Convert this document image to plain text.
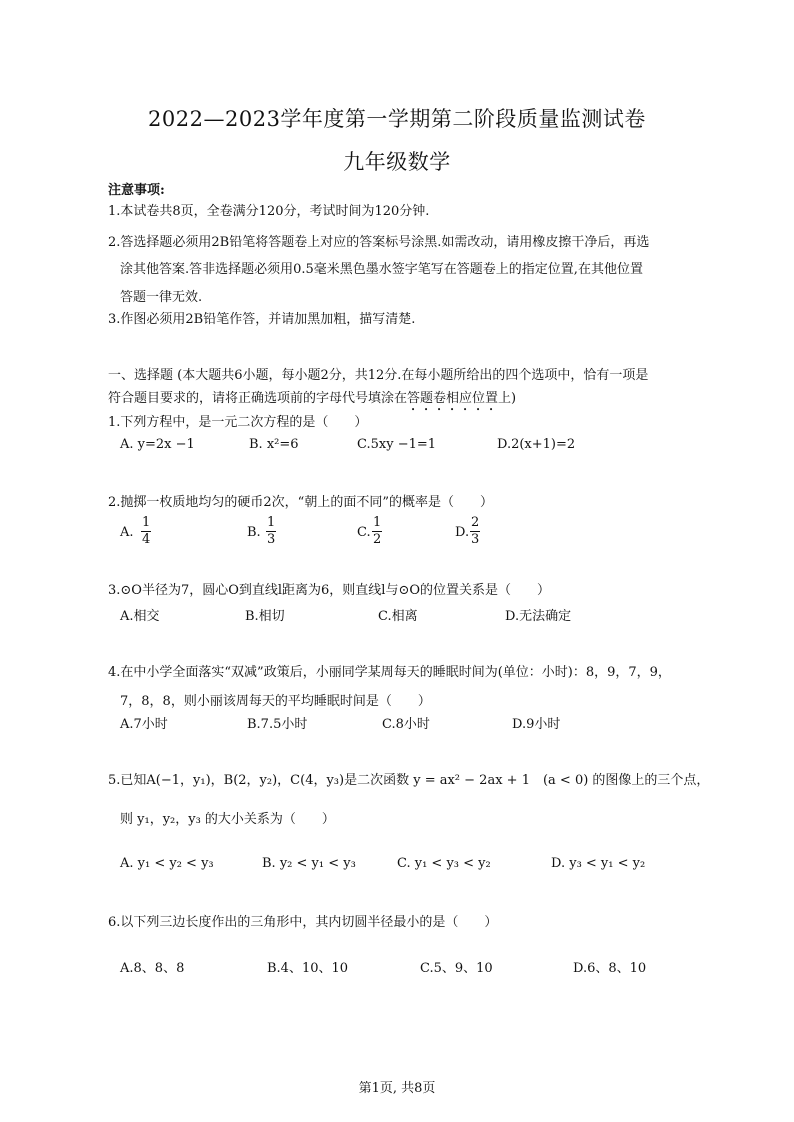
2022—2023学年度第一学期第二阶段质量监测试卷
九年级数学
注意事项:
1.本试卷共8页，全卷满分120分，考试时间为120分钟.
2.答选择题必须用2B铅笔将答题卷上对应的答案标号涂黑.如需改动，请用橡皮擦干净后，再选
涂其他答案.答非选择题必须用0.5毫米黑色墨水签字笔写在答题卷上的指定位置,在其他位置
答题一律无效.
3.作图必须用2B铅笔作答，并请加黑加粗，描写清楚.
一、选择题 (本大题共6小题，每小题2分，共12分.在每小题所给出的四个选项中，恰有一项是
符合题目要求的，请将正确选项前的字母代号填涂在答题卷相应位置上)
1.下列方程中，是一元二次方程的是（　　）
A. y=2x −1	B. x²=6	C.5xy −1=1	D.2(x+1)=2
2.抛掷一枚质地均匀的硬币2次，“朝上的面不同”的概率是（　　）
A. $\frac{1}{4}$	B. $\frac{1}{3}$	C. $\frac{1}{2}$	D. $\frac{2}{3}$
3.⊙O半径为7，圆心O到直线l距离为6，则直线l与⊙O的位置关系是（　　）
A.相交	B.相切	C.相离	D.无法确定
4.在中小学全面落实“双减”政策后，小丽同学某周每天的睡眠时间为(单位：小时)：8，9，7，9，
7，8，8，则小丽该周每天的平均睡眠时间是（　　）
A.7小时	B.7.5小时	C.8小时	D.9小时
5.已知A(−1，y₁)，B(2，y₂)，C(4，y₃)是二次函数 y = ax² − 2ax + 1　(a < 0) 的图像上的三个点，
则 y₁，y₂，y₃ 的大小关系为（　　）
A. y₁ < y₂ < y₃	B. y₂ < y₁ < y₃	C. y₁ < y₃ < y₂	D. y₃ < y₁ < y₂
6.以下列三边长度作出的三角形中，其内切圆半径最小的是（　　）
A.8、8、8	B.4、10、10	C.5、9、10	D.6、8、10
第1页, 共8页
